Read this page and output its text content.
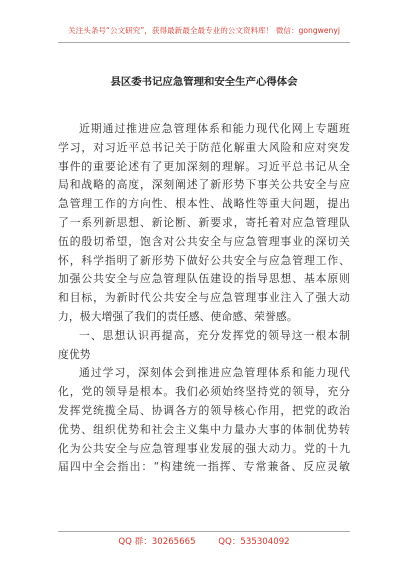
关注头条号“公文研究”，获得最新最全最专业的公文资料库！ 微信：gongwenyj
县区委书记应急管理和安全生产心得体会
近期通过推进应急管理体系和能力现代化网上专题班
学习，对习近平总书记关于防范化解重大风险和应对突发
事件的重要论述有了更加深刻的理解。习近平总书记从全
局和战略的高度，深刻阐述了新形势下事关公共安全与应
急管理工作的方向性、根本性、战略性等重大问题，提出
了一系列新思想、新论断、新要求，寄托着对应急管理队
伍的殷切希望，饱含对公共安全与应急管理事业的深切关
怀，科学指明了新形势下做好公共安全与应急管理工作、
加强公共安全与应急管理队伍建设的指导思想、基本原则
和目标，为新时代公共安全与应急管理事业注入了强大动
力，极大增强了我们的责任感、使命感、荣誉感。
一、思想认识再提高，充分发挥党的领导这一根本制
度优势
通过学习，深刻体会到推进应急管理体系和能力现代
化，党的领导是根本。我们必须始终坚持党的领导，充分
发挥党统揽全局、协调各方的领导核心作用，把党的政治
优势、组织优势和社会主义集中力量办大事的体制优势转
化为公共安全与应急管理事业发展的强大动力。党的十九
届四中全会指出：“构建统一指挥、专常兼备、反应灵敏
QQ 群：30265665	QQ：535304092
